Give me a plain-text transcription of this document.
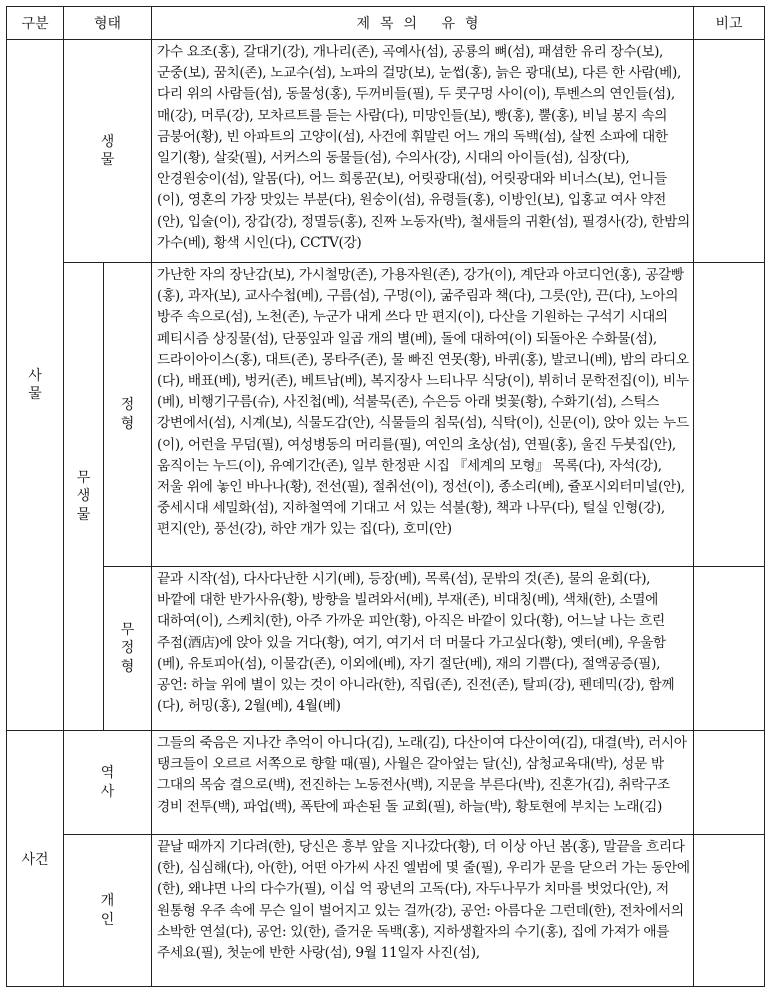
구분	형태		제목의 유형	비고
사물	생물		가수 요조(홍), 갈대기(강), 개나리(존), 곡예사(섬), 공룡의 뼈(섬), 패셤한 유리 장수(보), 군중(보), 꿈치(존), 노교수(섬), 노파의 걸망(보), 눈썹(홍), 늙은 광대(보), 다른 한 사람(베), 다리 위의 사람들(섬), 동물성(홍), 두꺼비들(필), 두 콧구멍 사이(이), 투벤스의 연인들(섬), 매(강), 머루(강), 모차르트를 듣는 사람(다), 미망인들(보), 빵(홍), 뿔(홍), 비닐 봉지 속의 금붕어(황), 빈 아파트의 고양이(섬), 사건에 휘말린 어느 개의 독백(섬), 살찐 소파에 대한 일기(황), 살갗(필), 서커스의 동물들(섬), 수의사(강), 시대의 아이들(섬), 심장(다), 안경원숭이(섬), 알몸(다), 어느 희롱꾼(보), 어릿광대(섬), 어릿광대와 비너스(보), 언니들(이), 영혼의 가장 맛있는 부분(다), 원숭이(섬), 유령들(홍), 이방인(보), 입홍교 여사 약전(안), 입술(이), 장갑(강), 정멸등(홍), 진짜 노동자(박), 철새들의 귀환(섬), 필경사(강), 한밤의 가수(베), 황색 시인(다), CCTV(강)	
	무생물	정형	가난한 자의 장난감(보), 가시철망(존), 가용자원(존), 강가(이), 계단과 아코디언(홍), 공갈빵(홍), 과자(보), 교사수첩(베), 구름(섬), 구멍(이), 굶주림과 책(다), 그릇(안), 끈(다), 노아의 방주 속으로(섬), 노천(존), 누군가 내게 쓰다 만 편지(이), 다산을 기원하는 구석기 시대의 페티시즘 상징물(섬), 단풍잎과 일곱 개의 별(베), 돌에 대하여(이) 되돌아온 수화물(섬), 드라이아이스(홍), 대트(존), 몽타주(존), 물 빠진 연못(황), 바퀴(홍), 발코니(베), 밤의 라디오(다), 배표(베), 벙커(존), 베트남(베), 복지장사 느티나무 식당(이), 뷔히너 문학전집(이), 비누(베), 비행기구름(슈), 사진첩(베), 석불묵(존), 수은등 아래 벚꽃(황), 수화기(섬), 스틱스 강변에서(섬), 시계(보), 식물도감(안), 식물들의 침묵(섬), 식탁(이), 신문(이), 앉아 있는 누드(이), 어런을 무덤(필), 여성병동의 머리를(필), 여인의 초상(섬), 연필(홍), 울진 두붓집(안), 움직이는 누드(이), 유예기간(존), 일부 한정판 시집 『세계의 모형』 목록(다), 자석(강), 저울 위에 놓인 바나나(황), 전선(필), 절취선(이), 정선(이), 종소리(베), 쥴포시외터미널(안), 중세시대 세밀화(섬), 지하철역에 기대고 서 있는 석불(황), 책과 나무(다), 털실 인형(강), 편지(안), 풍선(강), 하얀 개가 있는 집(다), 호미(안)	
		무정형	끝과 시작(섬), 다사다난한 시기(베), 등장(베), 목록(섬), 문밖의 것(존), 물의 윤회(다), 바깥에 대한 반가사유(황), 방향을 빌려와서(베), 부재(존), 비대칭(베), 색채(한), 소멸에 대하여(이), 스케치(한), 아주 가까운 피안(황), 아직은 바깥이 있다(황), 어느날 나는 흐린 주점(酒店)에 앉아 있을 거다(황), 여기, 여기서 더 머물다 가고싶다(황), 옛터(베), 우울함(베), 유토피아(섬), 이물감(존), 이외에(베), 자기 절단(베), 재의 기쁨(다), 절액공증(필), 공언: 하늘 위에 별이 있는 것이 아니라(한), 직립(존), 진전(존), 탈피(강), 펜데믹(강), 함께(다), 허밍(홍), 2월(베), 4월(베)	
사건	역사		그들의 죽음은 지나간 추억이 아니다(김), 노래(김), 다산이여 다산이여(김), 대결(박), 러시아 탱크들이 오르르 서쪽으로 향할 때(필), 사월은 갈아엎는 달(신), 삼청교육대(박), 성문 밖 그대의 목숨 결으로(백), 전진하는 노동전사(백), 지문을 부른다(박), 진혼가(김), 취락구조 경비 전투(백), 파업(백), 폭탄에 파손된 돌 교회(필), 하늘(박), 황토현에 부치는 노래(김)	
	개인		끝날 때까지 기다려(한), 당신은 흥부 앞을 지나갔다(황), 더 이상 아닌 봄(홍), 말끝을 흐리다(한), 심심해(다), 아(한), 어떤 아가씨 사진 엘범에 몇 줄(필), 우리가 문을 닫으러 가는 동안에(한), 왜냐면 나의 다수가(필), 이십 억 광년의 고독(다), 자두나무가 치마를 벗었다(안), 저 원통형 우주 속에 무슨 일이 벌어지고 있는 걸까(강), 공언: 아름다운 그런데(한), 전차에서의 소박한 연설(다), 공언: 있(한), 즐거운 독백(홍), 지하생활자의 수기(홍), 집에 가져가 애를 주세요(필), 첫눈에 반한 사랑(섬), 9월 11일자 사진(섬),	
